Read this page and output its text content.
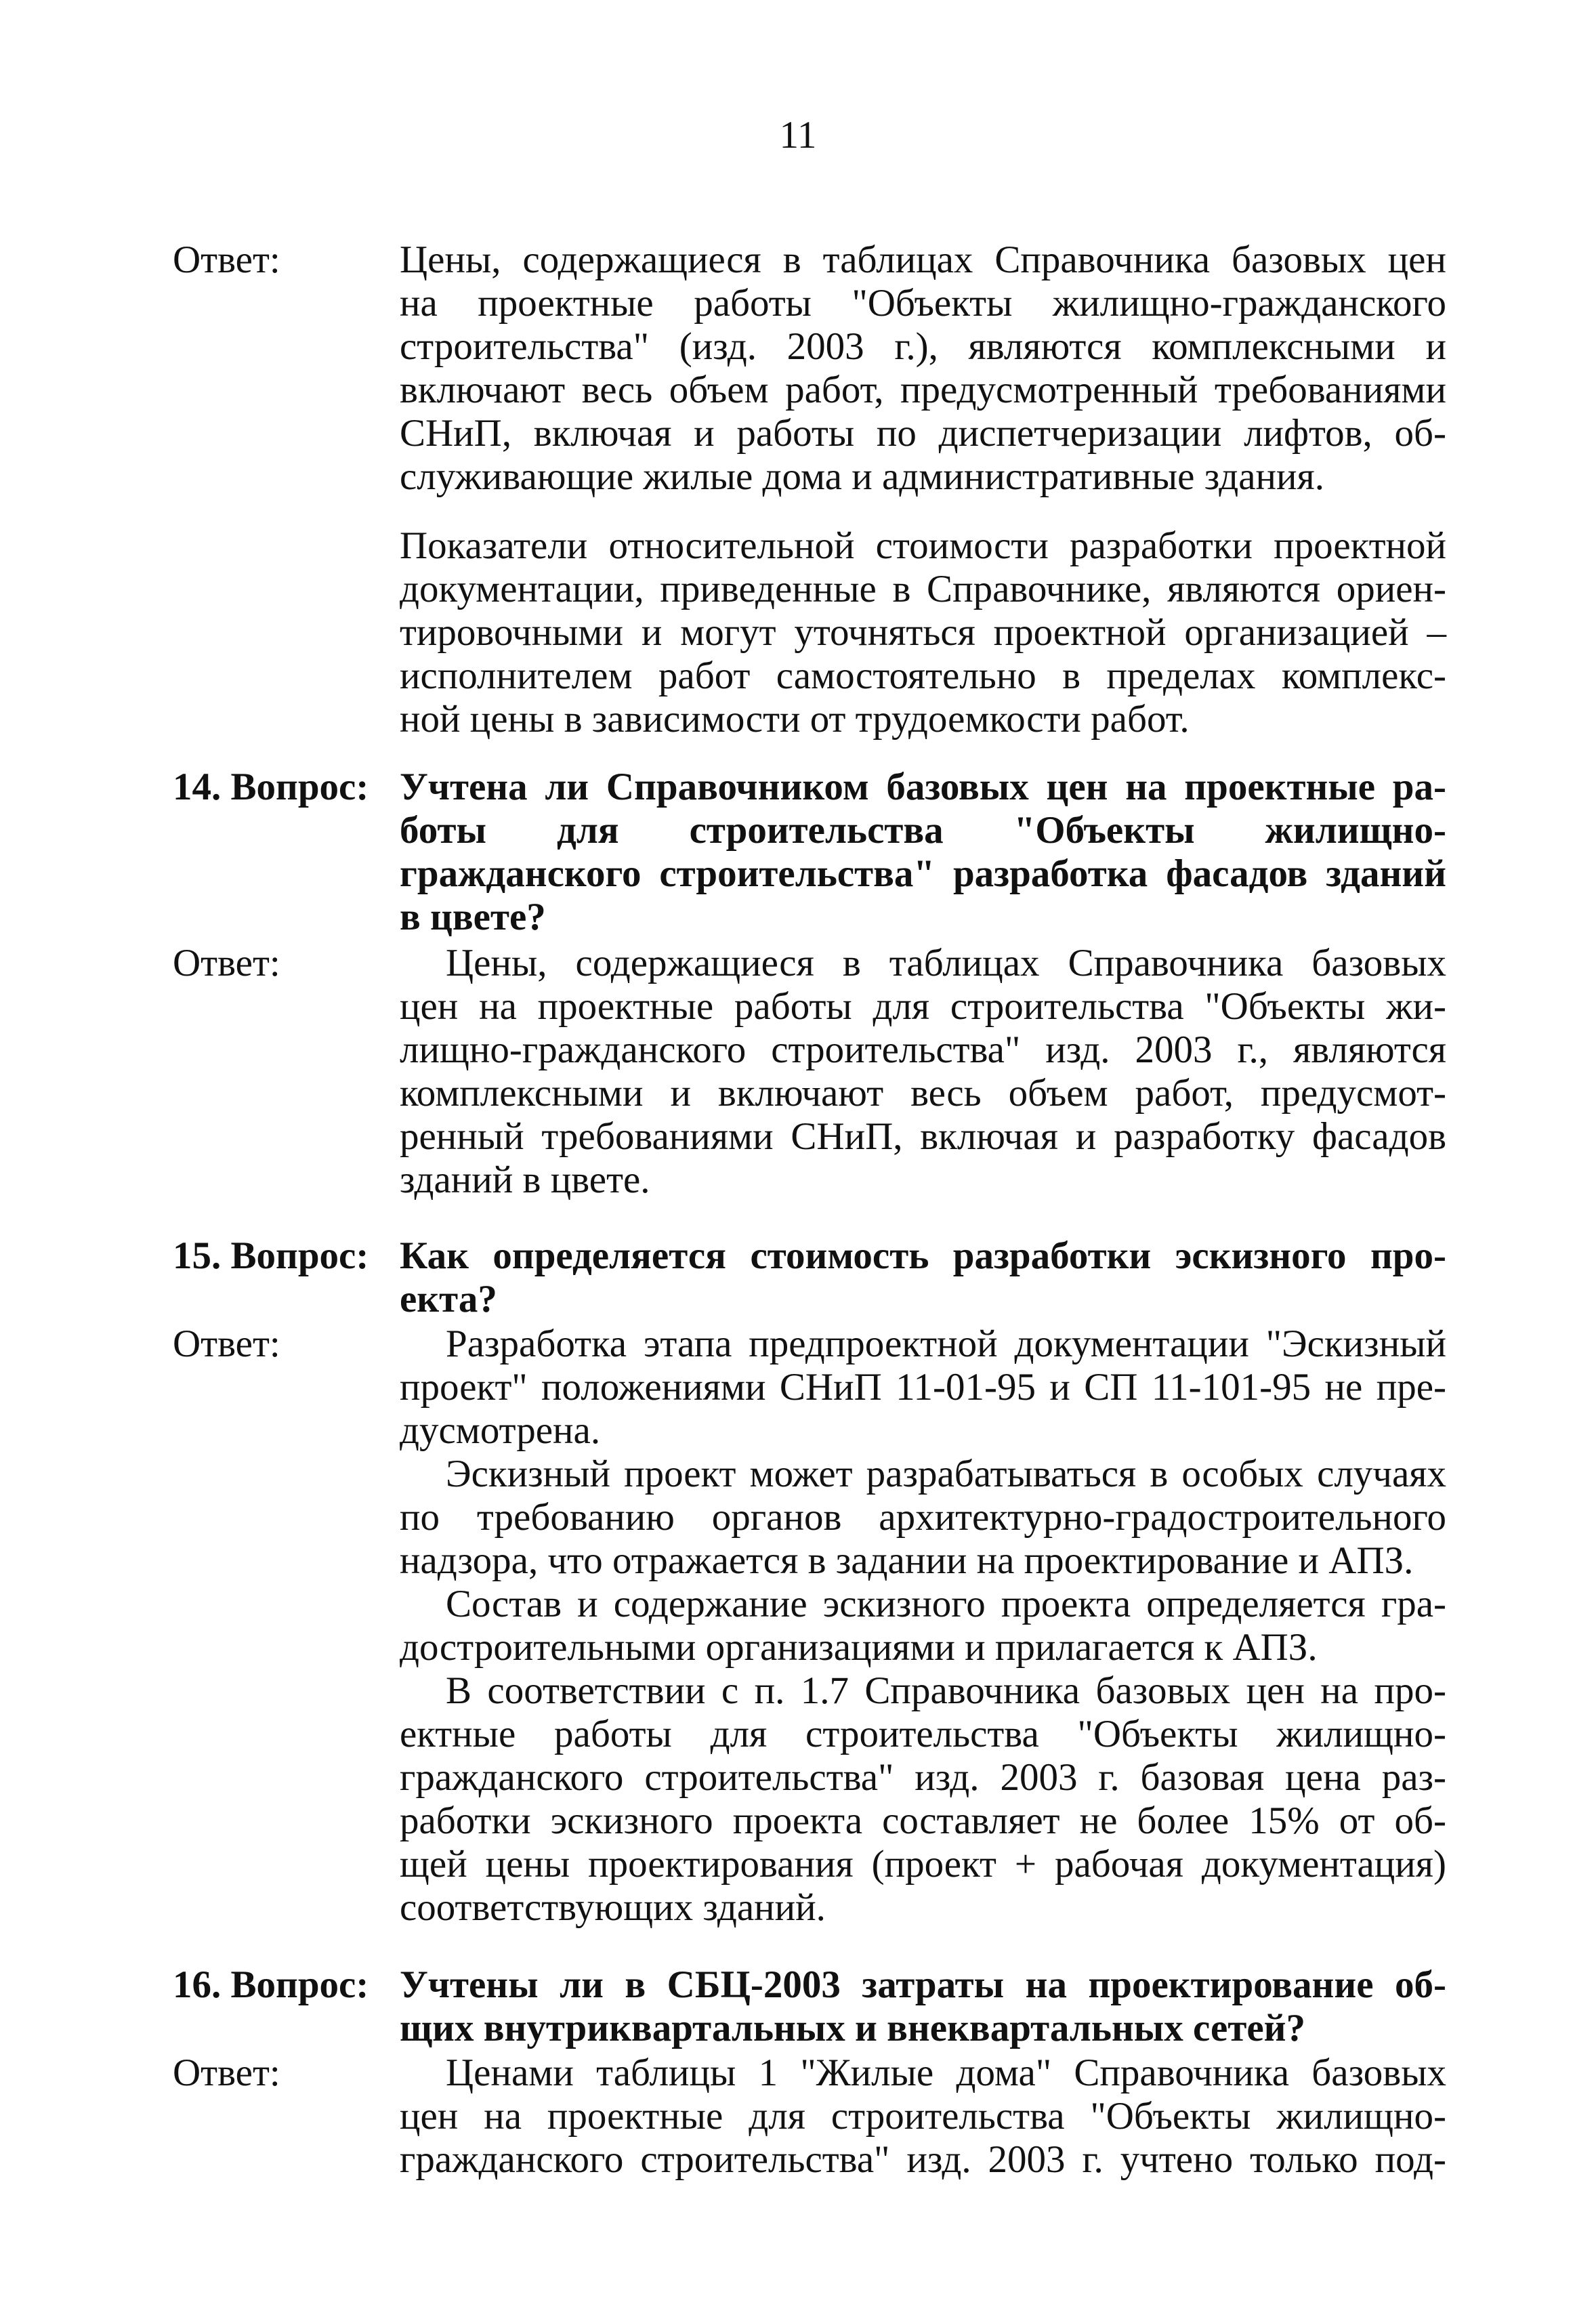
11
Ответ:	Цены, содержащиеся в таблицах Справочника базовых цен
на проектные работы "Объекты жилищно-гражданского
строительства" (изд. 2003 г.), являются комплексными и
включают весь объем работ, предусмотренный требованиями
СНиП, включая и работы по диспетчеризации лифтов, об-

служивающие жилые дома и административные здания.

Показатели относительной стоимости разработки проектной
документации, приведенные в Справочнике, являются ориен-
тировочными и могут уточняться проектной организацией –
исполнителем работ самостоятельно в пределах комплекс-

ной цены в зависимости от трудоемкости работ.

14. Вопрос: Учтена ли Справочником базовых цен на проектные ра-
боты для строительства "Объекты жилищно-
гражданского строительства" разработка фасадов зданий

в цвете?

Ответ:	Цены, содержащиеся в таблицах Справочника базовых
цен на проектные работы для строительства "Объекты жи-
лищно-гражданского строительства" изд. 2003 г., являются
комплексными и включают весь объем работ, предусмот-
ренный требованиями СНиП, включая и разработку фасадов

зданий в цвете.

15. Вопрос: Как определяется стоимость разработки эскизного про-

екта?

Ответ:	Разработка этапа предпроектной документации "Эскизный
проект" положениями СНиП 11-01-95 и СП 11-101-95 не пре-

дусмотрена.

Эскизный проект может разрабатываться в особых случаях
по требованию органов архитектурно-градостроительного

надзора, что отражается в задании на проектирование и АПЗ.

Состав и содержание эскизного проекта определяется гра-

достроительными организациями и прилагается к АПЗ.

В соответствии с п. 1.7 Справочника базовых цен на про-
ектные работы для строительства "Объекты жилищно-
гражданского строительства" изд. 2003 г. базовая цена раз-
работки эскизного проекта составляет не более 15% от об-
щей цены проектирования (проект + рабочая документация)

соответствующих зданий.

16. Вопрос: Учтены ли в СБЦ-2003 затраты на проектирование об-

щих внутриквартальных и внеквартальных сетей?

Ответ:	Ценами таблицы 1 "Жилые дома" Справочника базовых
цен на проектные для строительства "Объекты жилищно-

гражданского строительства" изд. 2003 г. учтено только под-
